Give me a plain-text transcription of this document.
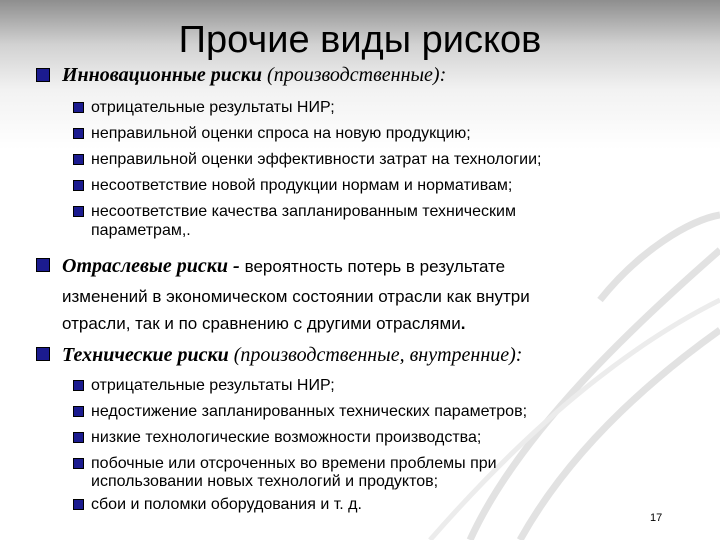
Прочие виды рисков
Инновационные риски (производственные):
отрицательные результаты НИР;
неправильной оценки спроса на новую продукцию;
неправильной оценки эффективности затрат на технологии;
несоответствие новой продукции нормам и нормативам;
несоответствие качества запланированным техническим
параметрам,.
Отраслевые риски - вероятность потерь в результате
изменений в экономическом состоянии отрасли как внутри
отрасли, так и по сравнению с другими отраслями.
Технические риски (производственные, внутренние):
отрицательные результаты НИР;
недостижение запланированных технических параметров;
низкие технологические возможности производства;
побочные или отсроченных во времени проблемы при
использовании новых технологий и продуктов;
сбои и поломки оборудования и т. д.
17
